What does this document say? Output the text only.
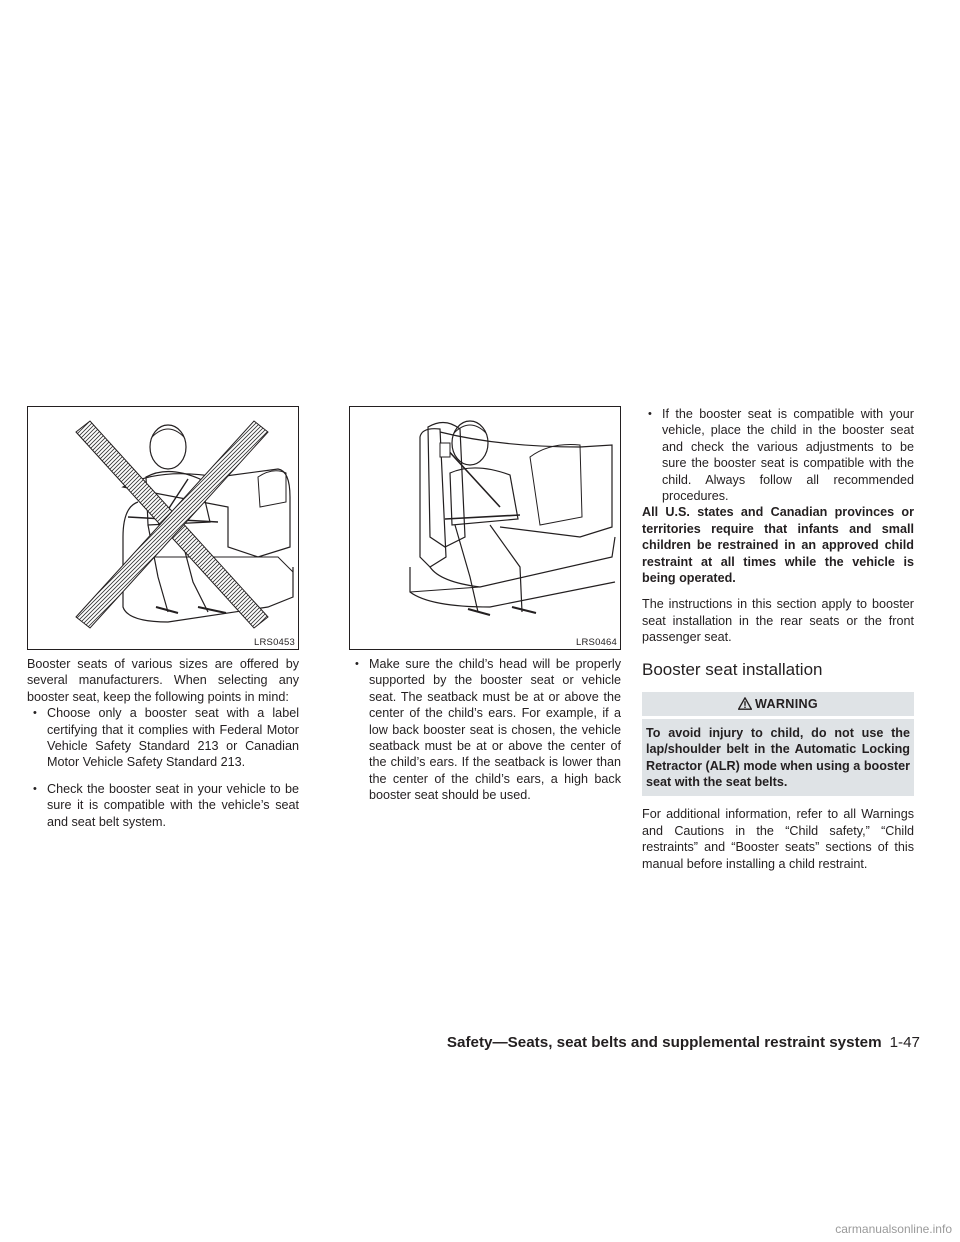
LRS0453

Booster seats of various sizes are offered by several manufacturers. When selecting any booster seat, keep the following points in mind:

• Choose only a booster seat with a label certifying that it complies with Federal Motor Vehicle Safety Standard 213 or Canadian Motor Vehicle Safety Standard 213.
• Check the booster seat in your vehicle to be sure it is compatible with the vehicle’s seat and seat belt system.
LRS0464
• Make sure the child’s head will be properly supported by the booster seat or vehicle seat. The seatback must be at or above the center of the child’s ears. For example, if a low back booster seat is chosen, the vehicle seatback must be at or above the center of the child’s ears. If the seatback is lower than the center of the child’s ears, a high back booster seat should be used.
• If the booster seat is compatible with your vehicle, place the child in the booster seat and check the various adjustments to be sure the booster seat is compatible with the child. Always follow all recommended procedures.

All U.S. states and Canadian provinces or territories require that infants and small children be restrained in an approved child restraint at all times while the vehicle is being operated.

The instructions in this section apply to booster seat installation in the rear seats or the front passenger seat.

Booster seat installation
WARNING
To avoid injury to child, do not use the lap/shoulder belt in the Automatic Locking Retractor (ALR) mode when using a booster seat with the seat belts.

For additional information, refer to all Warnings and Cautions in the “Child safety,” “Child restraints” and “Booster seats” sections of this manual before installing a child restraint.

Safety—Seats, seat belts and supplemental restraint system 1-47
carmanualsonline.info
